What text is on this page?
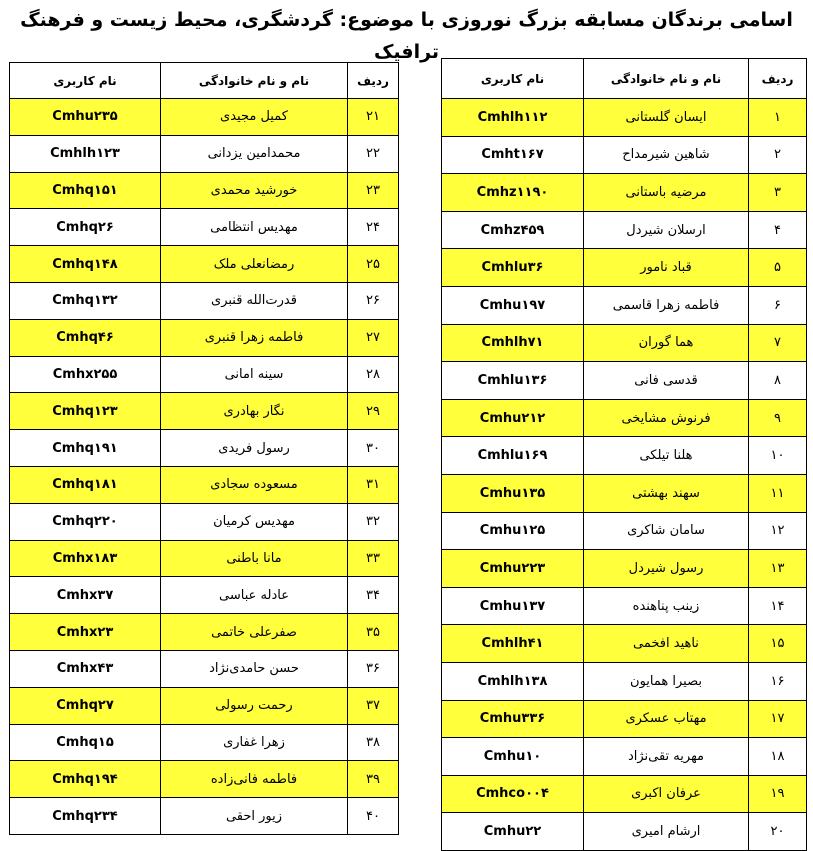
اسامی برندگان مسابقه بزرگ نوروزی با موضوع: گردشگری، محیط زیست و فرهنگ ترافیک
ردیف	نام و نام خانوادگی	نام کاربری
۱	ایسان گلستانی	Cmhlh۱۱۲
۲	شاهین شیرمداح	Cmht۱۶۷
۳	مرضیه باستانی	Cmhz۱۱۹۰
۴	ارسلان شیردل	Cmhz۴۵۹
۵	قباد نامور	Cmhlu۳۶
۶	فاطمه زهرا قاسمی	Cmhu۱۹۷
۷	هما گوران	Cmhlh۷۱
۸	قدسی فانی	Cmhlu۱۳۶
۹	فرنوش مشایخی	Cmhu۲۱۲
۱۰	هلنا تیلکی	Cmhlu۱۶۹
۱۱	سهند بهشتی	Cmhu۱۳۵
۱۲	سامان شاکری	Cmhu۱۲۵
۱۳	رسول شیردل	Cmhu۲۲۳
۱۴	زینب پناهنده	Cmhu۱۳۷
۱۵	ناهید افخمی	Cmhlh۴۱
۱۶	بصیرا همایون	Cmhlh۱۳۸
۱۷	مهتاب عسکری	Cmhu۳۳۶
۱۸	مهریه تقی‌نژاد	Cmhu۱۰
۱۹	عرفان اکبری	Cmhco۰۰۴
۲۰	ارشام امیری	Cmhu۲۲
ردیف	نام و نام خانوادگی	نام کاربری
۲۱	کمیل مجیدی	Cmhu۲۳۵
۲۲	محمدامین یزدانی	Cmhlh۱۲۳
۲۳	خورشید محمدی	Cmhq۱۵۱
۲۴	مهدیس انتظامی	Cmhq۲۶
۲۵	رمضانعلی ملک	Cmhq۱۴۸
۲۶	قدرت‌الله قنبری	Cmhq۱۳۲
۲۷	فاطمه زهرا قنبری	Cmhq۴۶
۲۸	سینه امانی	Cmhx۲۵۵
۲۹	نگار بهادری	Cmhq۱۲۳
۳۰	رسول فریدی	Cmhq۱۹۱
۳۱	مسعوده سجادی	Cmhq۱۸۱
۳۲	مهدیس کرمیان	Cmhq۲۲۰
۳۳	مانا باطنی	Cmhx۱۸۳
۳۴	عادله عباسی	Cmhx۳۷
۳۵	صفرعلی خاتمی	Cmhx۲۳
۳۶	حسن حامدی‌نژاد	Cmhx۴۳
۳۷	رحمت رسولی	Cmhq۲۷
۳۸	زهرا غفاری	Cmhq۱۵
۳۹	فاطمه فانی‌زاده	Cmhq۱۹۴
۴۰	زیور احقی	Cmhq۲۳۴
